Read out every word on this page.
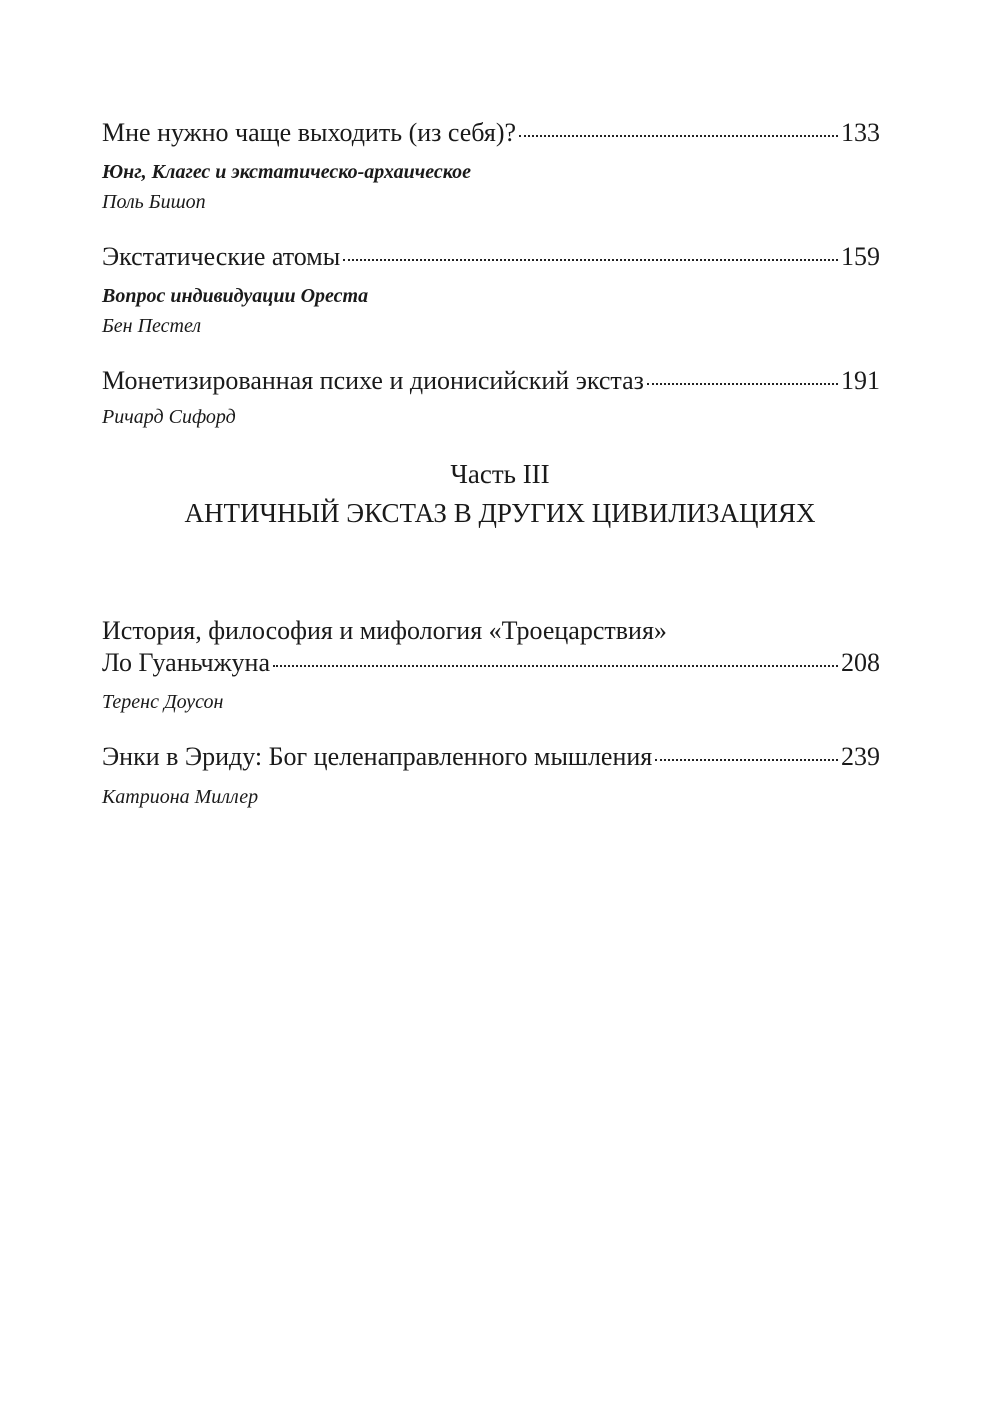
Мне нужно чаще выходить (из себя)?	133
Юнг, Клагес и экстатическо-архаическое
Поль Бишоп
Экстатические атомы	159
Вопрос индивидуации Ореста
Бен Пестел
Монетизированная психе и дионисийский экстаз	191
Ричард Сифорд
Часть III
АНТИЧНЫЙ ЭКСТАЗ В ДРУГИХ ЦИВИЛИЗАЦИЯХ
История, философия и мифология «Троецарствия»
Ло Гуаньчжуна	208
Теренс Доусон
Энки в Эриду: Бог целенаправленного мышления	239
Катриона Миллер
